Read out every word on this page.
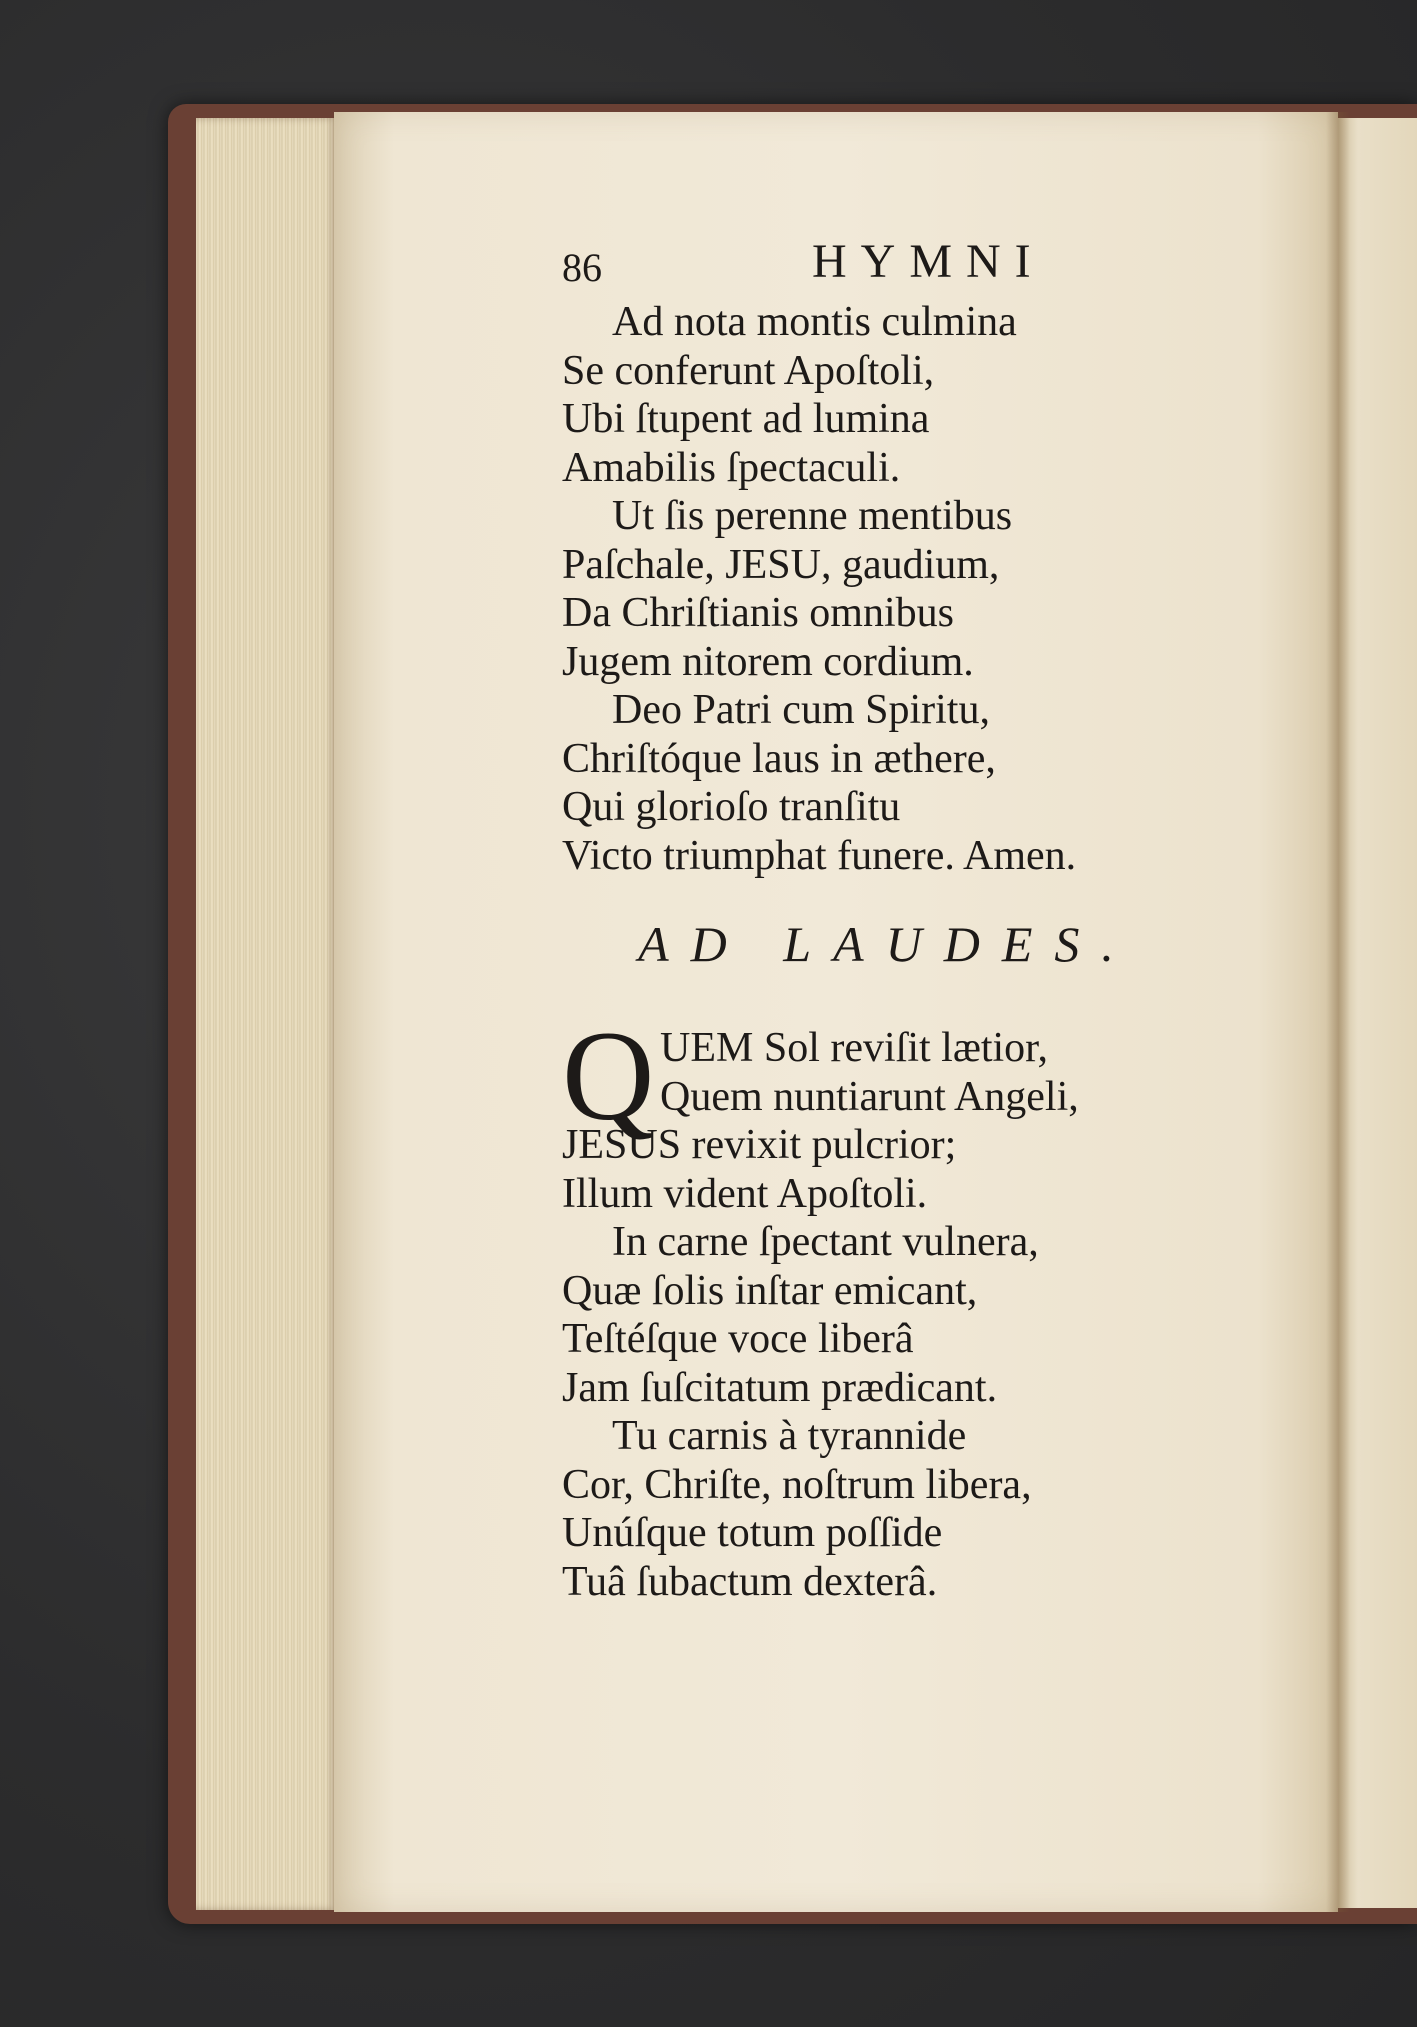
86	HYMNI
Ad nota montis culmina
Se conferunt Apoſtoli,
Ubi ſtupent ad lumina
Amabilis ſpectaculi.
Ut ſis perenne mentibus
Paſchale, JESU, gaudium,
Da Chriſtianis omnibus
Jugem nitorem cordium.
Deo Patri cum Spiritu,
Chriſtóque laus in æthere,
Qui glorioſo tranſitu
Victo triumphat funere. Amen.
AD LAUDES.
Q UEM Sol reviſit lætior,
Quem nuntiarunt Angeli,
JESUS revixit pulcrior;
Illum vident Apoſtoli.
In carne ſpectant vulnera,
Quæ ſolis inſtar emicant,
Teſtéſque voce liberâ
Jam ſuſcitatum prædicant.
Tu carnis à tyrannide
Cor, Chriſte, noſtrum libera,
Unúſque totum poſſide
Tuâ ſubactum dexterâ.
